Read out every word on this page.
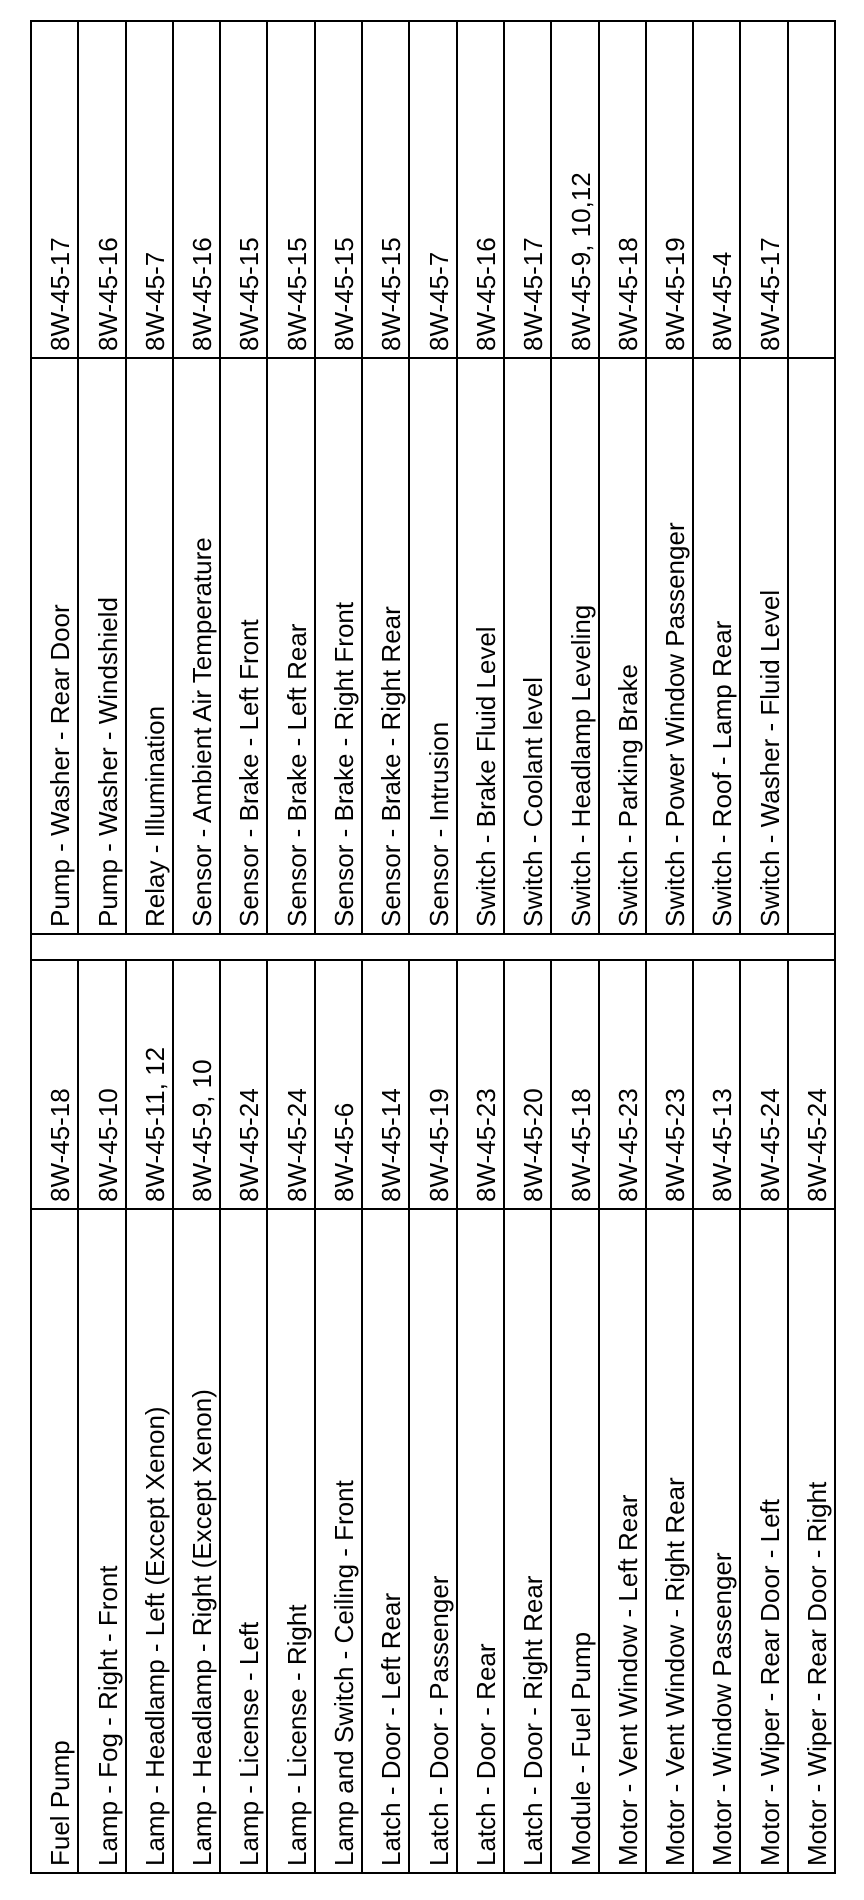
Fuel Pump
8W-45-18
Lamp - Fog - Right - Front
8W-45-10
Lamp - Headlamp - Left (Except Xenon)
8W-45-11, 12
Lamp - Headlamp - Right (Except Xenon)
8W-45-9, 10
Lamp - License - Left
8W-45-24
Lamp - License - Right
8W-45-24
Lamp and Switch - Ceiling - Front
8W-45-6
Latch - Door - Left Rear
8W-45-14
Latch - Door - Passenger
8W-45-19
Latch - Door - Rear
8W-45-23
Latch - Door - Right Rear
8W-45-20
Module - Fuel Pump
8W-45-18
Motor - Vent Window - Left Rear
8W-45-23
Motor - Vent Window - Right Rear
8W-45-23
Motor - Window Passenger
8W-45-13
Motor - Wiper - Rear Door - Left
8W-45-24
Motor - Wiper - Rear Door - Right
8W-45-24
Pump - Washer - Rear Door
8W-45-17
Pump - Washer - Windshield
8W-45-16
Relay - Illumination
8W-45-7
Sensor - Ambient Air Temperature
8W-45-16
Sensor - Brake - Left Front
8W-45-15
Sensor - Brake - Left Rear
8W-45-15
Sensor - Brake - Right Front
8W-45-15
Sensor - Brake - Right Rear
8W-45-15
Sensor - Intrusion
8W-45-7
Switch - Brake Fluid Level
8W-45-16
Switch - Coolant level
8W-45-17
Switch - Headlamp Leveling
8W-45-9, 10,12
Switch - Parking Brake
8W-45-18
Switch - Power Window Passenger
8W-45-19
Switch - Roof - Lamp Rear
8W-45-4
Switch - Washer - Fluid Level
8W-45-17
